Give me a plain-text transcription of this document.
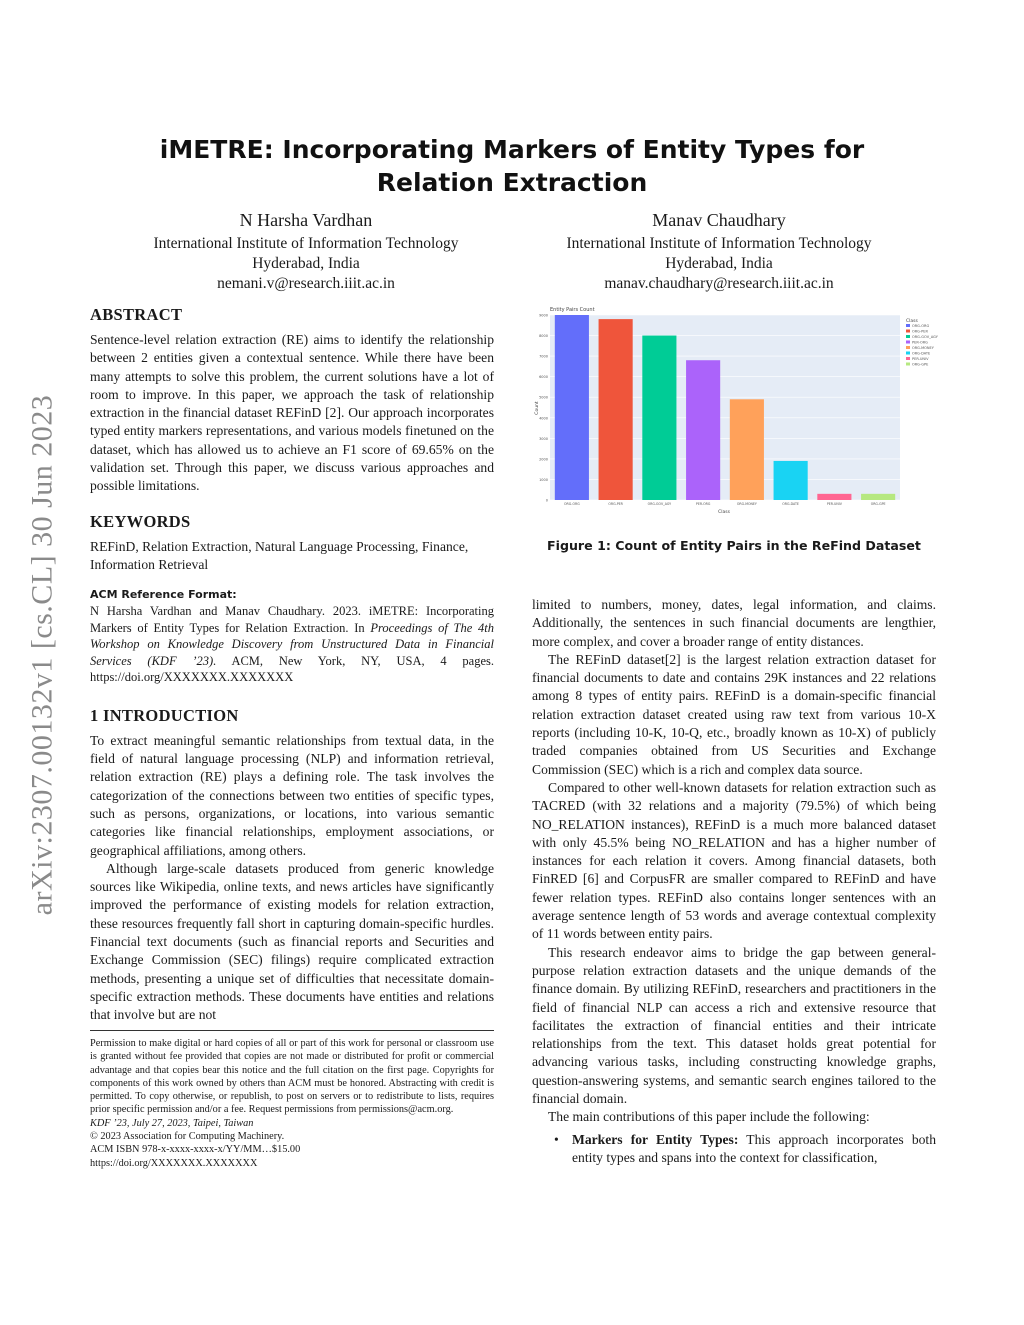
arXiv:2307.00132v1 [cs.CL] 30 Jun 2023
iMETRE: Incorporating Markers of Entity Types for Relation Extraction
N Harsha Vardhan
International Institute of Information Technology
Hyderabad, India
nemani.v@research.iiit.ac.in
Manav Chaudhary
International Institute of Information Technology
Hyderabad, India
manav.chaudhary@research.iiit.ac.in
ABSTRACT

Sentence-level relation extraction (RE) aims to identify the relationship between 2 entities given a contextual sentence. While there have been many attempts to solve this problem, the current solutions have a lot of room to improve. In this paper, we approach the task of relationship extraction in the financial dataset REFinD [2]. Our approach incorporates typed entity markers representations, and various models finetuned on the dataset, which has allowed us to achieve an F1 score of 69.65% on the validation set. Through this paper, we discuss various approaches and possible limitations.

KEYWORDS

REFinD, Relation Extraction, Natural Language Processing, Finance, Information Retrieval

ACM Reference Format:

N Harsha Vardhan and Manav Chaudhary. 2023. iMETRE: Incorporating Markers of Entity Types for Relation Extraction. In Proceedings of The 4th Workshop on Knowledge Discovery from Unstructured Data in Financial Services (KDF ’23). ACM, New York, NY, USA, 4 pages. https://doi.org/XXXXXXX.XXXXXXX

1 INTRODUCTION

To extract meaningful semantic relationships from textual data, in the field of natural language processing (NLP) and information retrieval, relation extraction (RE) plays a defining role. The task involves the categorization of the connections between two entities of specific types, such as persons, organizations, or locations, into various semantic categories like financial relationships, employment associations, or geographical affiliations, among others.

Although large-scale datasets produced from generic knowledge sources like Wikipedia, online texts, and news articles have significantly improved the performance of existing models for relation extraction, these resources frequently fall short in capturing domain-specific hurdles. Financial text documents (such as financial reports and Securities and Exchange Commission (SEC) filings) require complicated extraction methods, presenting a unique set of difficulties that necessitate domain-specific extraction methods. These documents have entities and relations that involve but are not

Permission to make digital or hard copies of all or part of this work for personal or classroom use is granted without fee provided that copies are not made or distributed for profit or commercial advantage and that copies bear this notice and the full citation on the first page. Copyrights for components of this work owned by others than ACM must be honored. Abstracting with credit is permitted. To copy otherwise, or republish, to post on servers or to redistribute to lists, requires prior specific permission and/or a fee. Request permissions from permissions@acm.org.

KDF ’23, July 27, 2023, Taipei, Taiwan

© 2023 Association for Computing Machinery.

ACM ISBN 978-x-xxxx-xxxx-x/YY/MM…$15.00

https://doi.org/XXXXXXX.XXXXXXX

Entity Pairs Count
0
1000
2000
3000
4000
5000
6000
7000
8000
9000
ORG-ORG	ORG-PER	ORG-GOV_AGY	PER-ORG	ORG-MONEY	ORG-DATE	PER-UNIV	ORG-GPE
Class
Count
Class
ORG-ORG
ORG-PER
ORG-GOV_AGY
PER-ORG
ORG-MONEY
ORG-DATE
PER-UNIV
ORG-GPE
Figure 1: Count of Entity Pairs in the ReFind Dataset

limited to numbers, money, dates, legal information, and claims. Additionally, the sentences in such financial documents are lengthier, more complex, and cover a broader range of entity distances.

The REFinD dataset[2] is the largest relation extraction dataset for financial documents to date and contains 29K instances and 22 relations among 8 types of entity pairs. REFinD is a domain-specific financial relation extraction dataset created using raw text from various 10-X reports (including 10-K, 10-Q, etc., broadly known as 10-X) of publicly traded companies obtained from US Securities and Exchange Commission (SEC) which is a rich and complex data source.

Compared to other well-known datasets for relation extraction such as TACRED (with 32 relations and a majority (79.5%) of which being NO_RELATION instances), REFinD is a much more balanced dataset with only 45.5% being NO_RELATION and has a higher number of instances for each relation it covers. Among financial datasets, both FinRED [6] and CorpusFR are smaller compared to REFinD and have fewer relation types. REFinD also contains longer sentences with an average sentence length of 53 words and average contextual complexity of 11 words between entity pairs.

This research endeavor aims to bridge the gap between general-purpose relation extraction datasets and the unique demands of the finance domain. By utilizing REFinD, researchers and practitioners in the field of financial NLP can access a rich and extensive resource that facilitates the extraction of financial entities and their intricate relationships from the text. This dataset holds great potential for advancing various tasks, including constructing knowledge graphs, question-answering systems, and semantic search engines tailored to the financial domain.

The main contributions of this paper include the following:

• Markers for Entity Types: This approach incorporates both entity types and spans into the context for classification,
